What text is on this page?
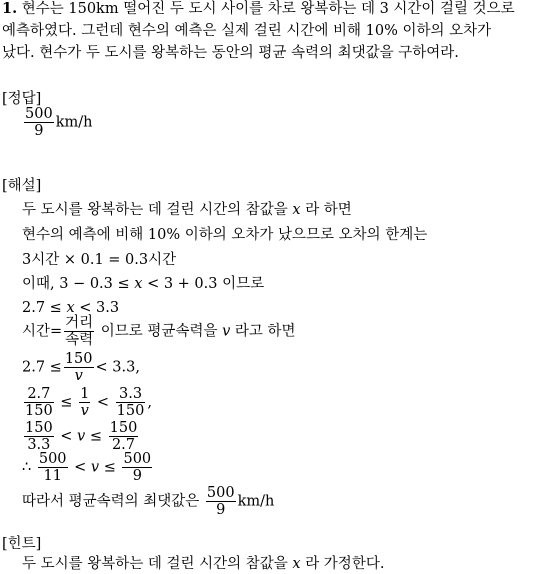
1. 현수는 150km 떨어진 두 도시 사이를 차로 왕복하는 데 3 시간이 걸릴 것으로
예측하였다. 그런데 현수의 예측은 실제 걸린 시간에 비해 10% 이하의 오차가
났다. 현수가 두 도시를 왕복하는 동안의 평균 속력의 최댓값을 구하여라.
[정답]
$\frac{500}{9} km/h$
[해설]
두 도시를 왕복하는 데 걸린 시간의 참값을 x 라 하면
현수의 예측에 비해 10% 이하의 오차가 났으므로 오차의 한계는
3시간 × 0.1 = 0.3시간
이때, 3 − 0.3 ≤ x < 3 + 0.3 이므로
2.7 ≤ x < 3.3
시간= $\frac{\text{거리}}{\text{속력}}$ 이므로 평균속력을 v 라고 하면
$2.7 \le \frac{150}{v} < 3.3$,
$\frac{2.7}{150} \le \frac{1}{v} < \frac{3.3}{150}$ ,
$\frac{150}{3.3} < v \le \frac{150}{2.7}$
∴ $\frac{500}{11} < v \le \frac{500}{9}$
따라서 평균속력의 최댓값은 $\frac{500}{9} km/h$
[힌트]
두 도시를 왕복하는 데 걸린 시간의 참값을 x 라 가정한다.
